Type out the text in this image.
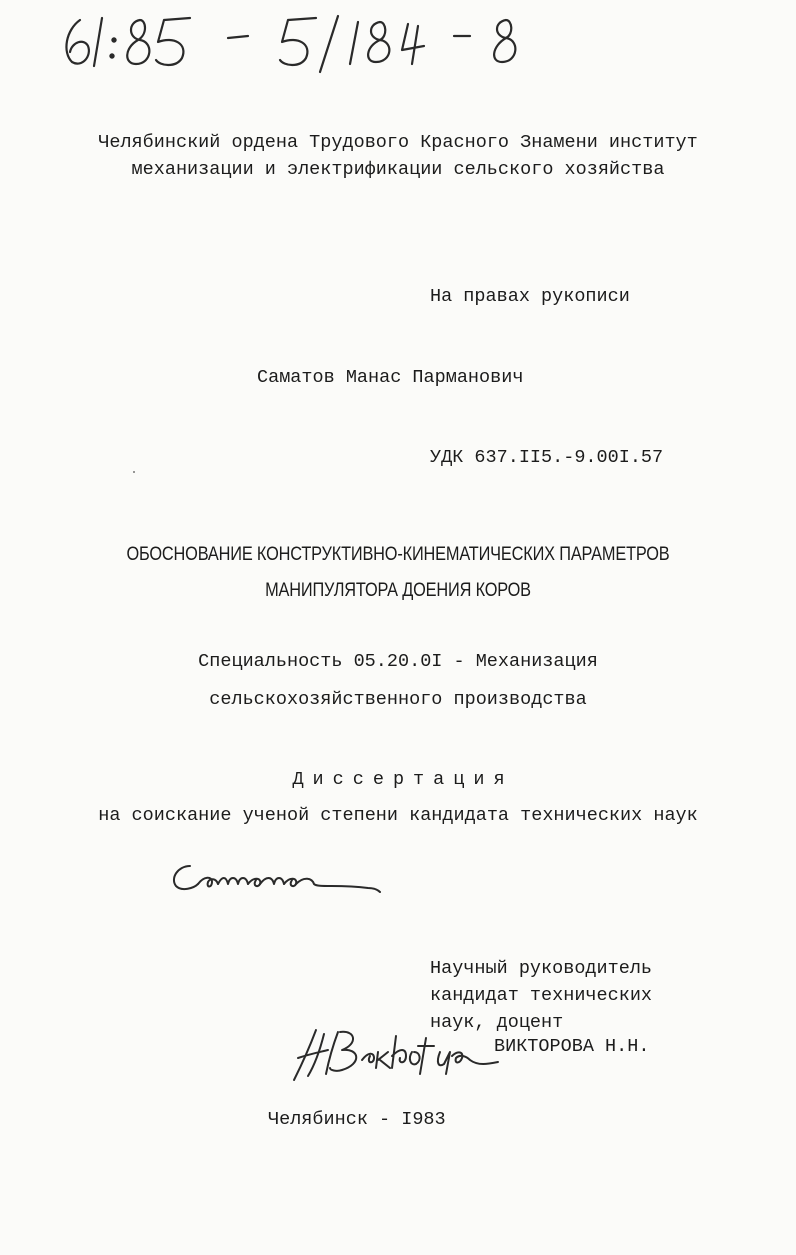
Челябинский ордена Трудового Красного Знамени институт
механизации и электрификации сельского хозяйства
На правах рукописи
Саматов Манас Парманович
УДК 637.II5.-9.00I.57
ОБОСНОВАНИЕ КОНСТРУКТИВНО-КИНЕМАТИЧЕСКИХ ПАРАМЕТРОВ
МАНИПУЛЯТОРА ДОЕНИЯ КОРОВ
Специальность 05.20.0I - Механизация
сельскохозяйственного производства
Диссертация
на соискание ученой степени кандидата технических наук
Научный руководитель
кандидат технических
наук, доцент
ВИКТОРОВА Н.Н.
Челябинск - I983
